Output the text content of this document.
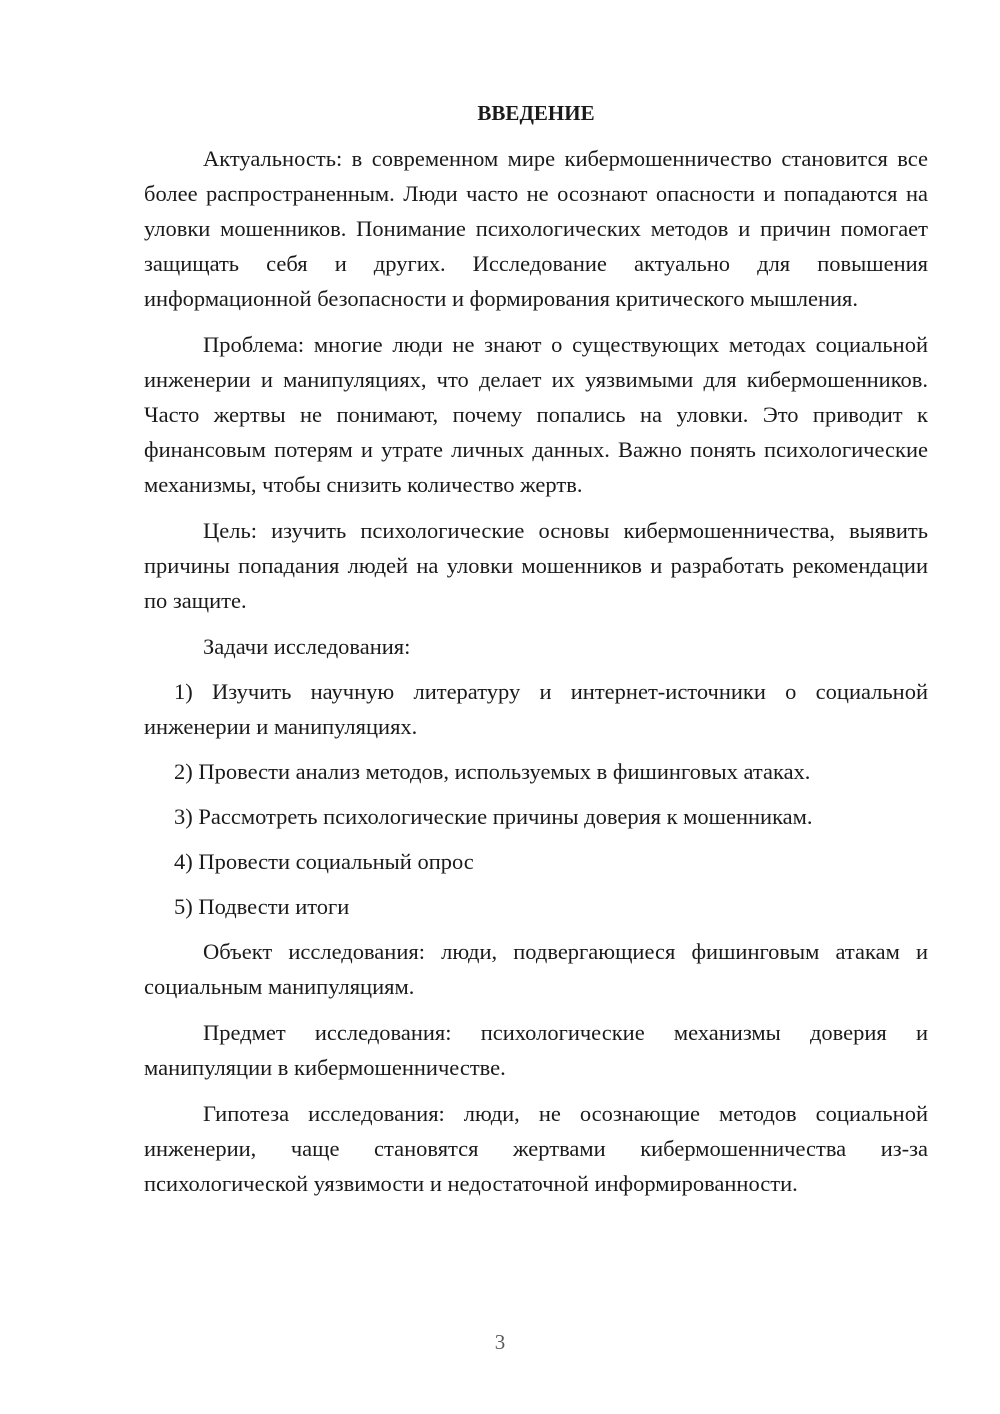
ВВЕДЕНИЕ

Актуальность: в современном мире кибермошенничество становится все более распространенным. Люди часто не осознают опасности и попадаются на уловки мошенников. Понимание психологических методов и причин помогает защищать себя и других. Исследование актуально для повышения информационной безопасности и формирования критического мышления.

Проблема: многие люди не знают о существующих методах социальной инженерии и манипуляциях, что делает их уязвимыми для кибермошенников. Часто жертвы не понимают, почему попались на уловки. Это приводит к финансовым потерям и утрате личных данных. Важно понять психологические механизмы, чтобы снизить количество жертв.

Цель: изучить психологические основы кибермошенничества, выявить причины попадания людей на уловки мошенников и разработать рекомендации по защите.

Задачи исследования:

1) Изучить научную литературу и интернет-источники о социальной инженерии и манипуляциях.

2) Провести анализ методов, используемых в фишинговых атаках.

3) Рассмотреть психологические причины доверия к мошенникам.

4) Провести социальный опрос

5) Подвести итоги

Объект исследования: люди, подвергающиеся фишинговым атакам и социальным манипуляциям.

Предмет исследования: психологические механизмы доверия и манипуляции в кибермошенничестве.

Гипотеза исследования: люди, не осознающие методов социальной инженерии, чаще становятся жертвами кибермошенничества из-за психологической уязвимости и недостаточной информированности.

3
